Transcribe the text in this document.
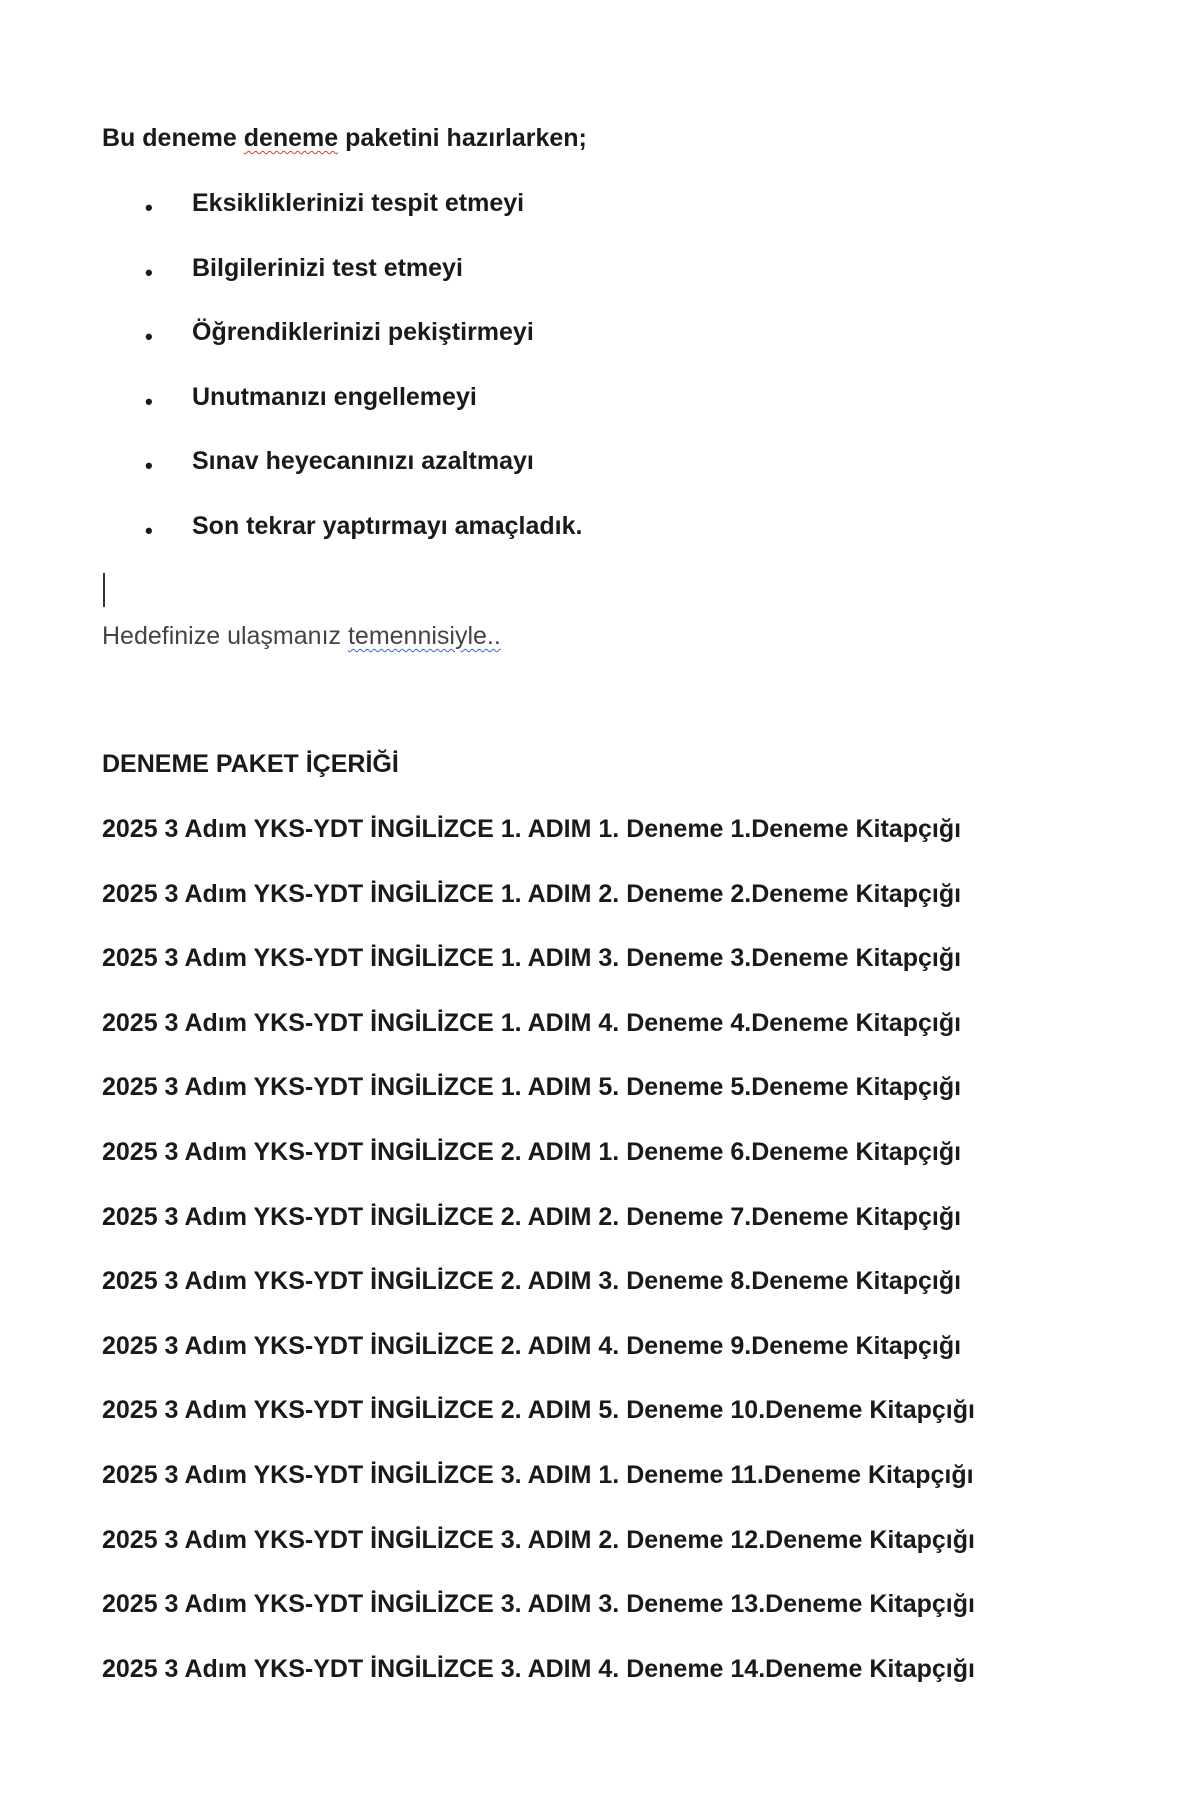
Bu deneme deneme paketini hazırlarken;
• Eksikliklerinizi tespit etmeyi
• Bilgilerinizi test etmeyi
• Öğrendiklerinizi pekiştirmeyi
• Unutmanızı engellemeyi
• Sınav heyecanınızı azaltmayı
• Son tekrar yaptırmayı amaçladık.
Hedefinize ulaşmanız temennisiyle..
DENEME PAKET İÇERİĞİ
2025 3 Adım YKS-YDT İNGİLİZCE 1. ADIM 1. Deneme 1.Deneme Kitapçığı
2025 3 Adım YKS-YDT İNGİLİZCE 1. ADIM 2. Deneme 2.Deneme Kitapçığı
2025 3 Adım YKS-YDT İNGİLİZCE 1. ADIM 3. Deneme 3.Deneme Kitapçığı
2025 3 Adım YKS-YDT İNGİLİZCE 1. ADIM 4. Deneme 4.Deneme Kitapçığı
2025 3 Adım YKS-YDT İNGİLİZCE 1. ADIM 5. Deneme 5.Deneme Kitapçığı
2025 3 Adım YKS-YDT İNGİLİZCE 2. ADIM 1. Deneme 6.Deneme Kitapçığı
2025 3 Adım YKS-YDT İNGİLİZCE 2. ADIM 2. Deneme 7.Deneme Kitapçığı
2025 3 Adım YKS-YDT İNGİLİZCE 2. ADIM 3. Deneme 8.Deneme Kitapçığı
2025 3 Adım YKS-YDT İNGİLİZCE 2. ADIM 4. Deneme 9.Deneme Kitapçığı
2025 3 Adım YKS-YDT İNGİLİZCE 2. ADIM 5. Deneme 10.Deneme Kitapçığı
2025 3 Adım YKS-YDT İNGİLİZCE 3. ADIM 1. Deneme 11.Deneme Kitapçığı
2025 3 Adım YKS-YDT İNGİLİZCE 3. ADIM 2. Deneme 12.Deneme Kitapçığı
2025 3 Adım YKS-YDT İNGİLİZCE 3. ADIM 3. Deneme 13.Deneme Kitapçığı
2025 3 Adım YKS-YDT İNGİLİZCE 3. ADIM 4. Deneme 14.Deneme Kitapçığı
